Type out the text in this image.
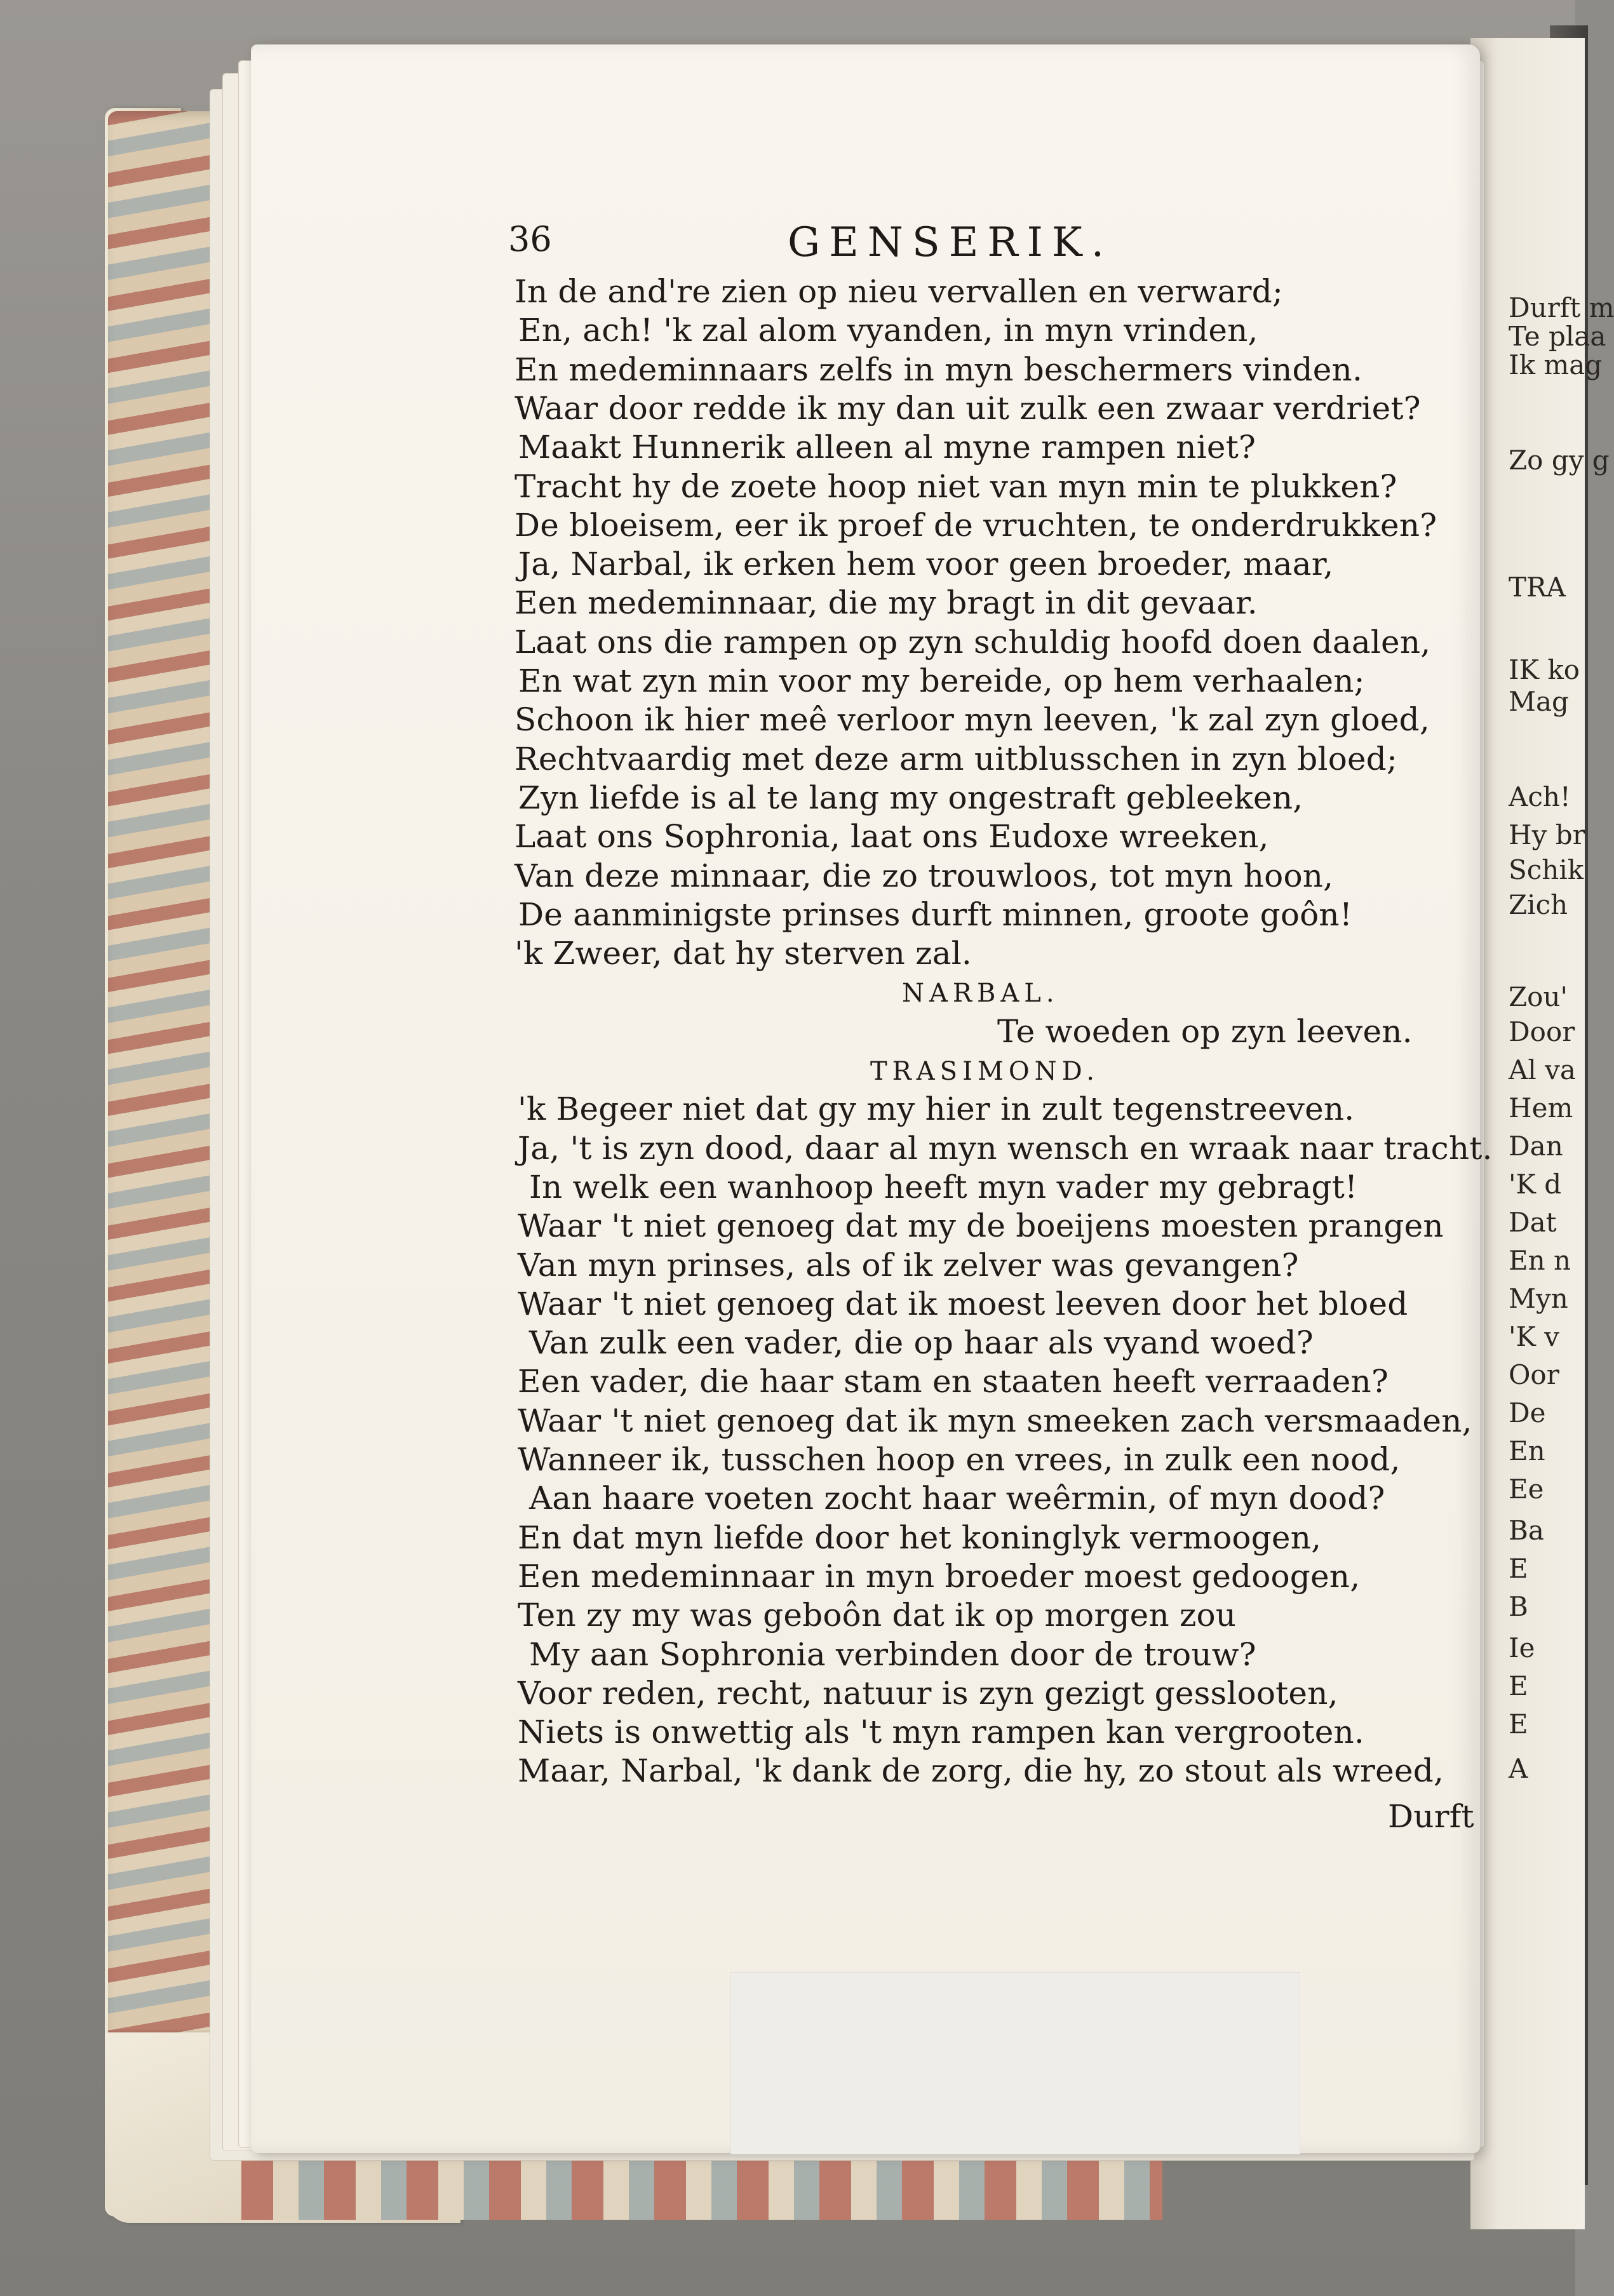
Durft m
Te plaa
Ik mag
Zo gy g
TRA
IK ko
Mag
Ach!
Hy br
Schik
Zich
Zou'
Door
Al va
Hem
Dan
'K d
Dat
En n
Myn
'K v
Oor
De
En
Ee
Ba
E
B
Ie
E
E
A
36	GENSERIK.
In de and're zien op nieu vervallen en verward;
En, ach! 'k zal alom vyanden, in myn vrinden,
En medeminnaars zelfs in myn beschermers vinden.
Waar door redde ik my dan uit zulk een zwaar verdriet?
Maakt Hunnerik alleen al myne rampen niet?
Tracht hy de zoete hoop niet van myn min te plukken?
De bloeisem, eer ik proef de vruchten, te onderdrukken?
Ja, Narbal, ik erken hem voor geen broeder, maar,
Een medeminnaar, die my bragt in dit gevaar.
Laat ons die rampen op zyn schuldig hoofd doen daalen,
En wat zyn min voor my bereide, op hem verhaalen;
Schoon ik hier meê verloor myn leeven, 'k zal zyn gloed,
Rechtvaardig met deze arm uitblusschen in zyn bloed;
Zyn liefde is al te lang my ongestraft gebleeken,
Laat ons Sophronia, laat ons Eudoxe wreeken,
Van deze minnaar, die zo trouwloos, tot myn hoon,
De aanminigste prinses durft minnen, groote goôn!
'k Zweer, dat hy sterven zal.
NARBAL.
Te woeden op zyn leeven.
TRASIMOND.
'k Begeer niet dat gy my hier in zult tegenstreeven.
Ja, 't is zyn dood, daar al myn wensch en wraak naar tracht.
In welk een wanhoop heeft myn vader my gebragt!
Waar 't niet genoeg dat my de boeijens moesten prangen
Van myn prinses, als of ik zelver was gevangen?
Waar 't niet genoeg dat ik moest leeven door het bloed
Van zulk een vader, die op haar als vyand woed?
Een vader, die haar stam en staaten heeft verraaden?
Waar 't niet genoeg dat ik myn smeeken zach versmaaden,
Wanneer ik, tusschen hoop en vrees, in zulk een nood,
Aan haare voeten zocht haar weêrmin, of myn dood?
En dat myn liefde door het koninglyk vermoogen,
Een medeminnaar in myn broeder moest gedoogen,
Ten zy my was geboôn dat ik op morgen zou
My aan Sophronia verbinden door de trouw?
Voor reden, recht, natuur is zyn gezigt gesslooten,
Niets is onwettig als 't myn rampen kan vergrooten.
Maar, Narbal, 'k dank de zorg, die hy, zo stout als wreed,
Durft
